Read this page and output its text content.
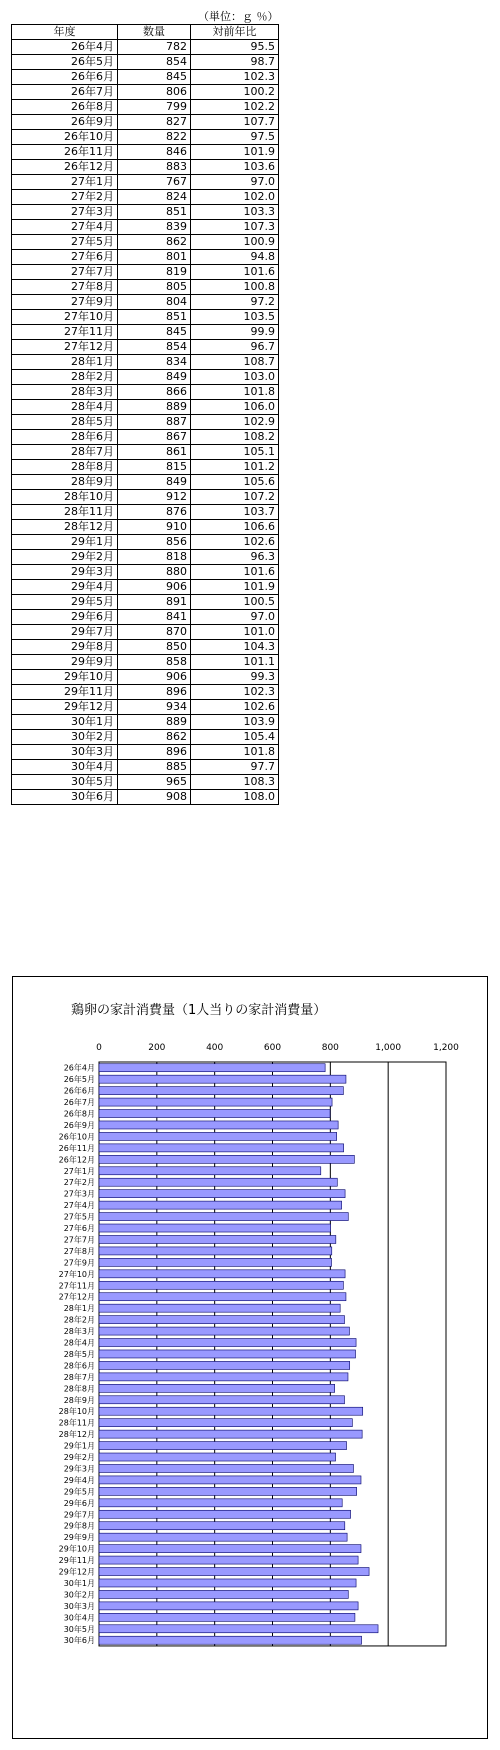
（単位：ｇ ％）
年度	数量	対前年比
26年4月	782	95.5
26年5月	854	98.7
26年6月	845	102.3
26年7月	806	100.2
26年8月	799	102.2
26年9月	827	107.7
26年10月	822	97.5
26年11月	846	101.9
26年12月	883	103.6
27年1月	767	97.0
27年2月	824	102.0
27年3月	851	103.3
27年4月	839	107.3
27年5月	862	100.9
27年6月	801	94.8
27年7月	819	101.6
27年8月	805	100.8
27年9月	804	97.2
27年10月	851	103.5
27年11月	845	99.9
27年12月	854	96.7
28年1月	834	108.7
28年2月	849	103.0
28年3月	866	101.8
28年4月	889	106.0
28年5月	887	102.9
28年6月	867	108.2
28年7月	861	105.1
28年8月	815	101.2
28年9月	849	105.6
28年10月	912	107.2
28年11月	876	103.7
28年12月	910	106.6
29年1月	856	102.6
29年2月	818	96.3
29年3月	880	101.6
29年4月	906	101.9
29年5月	891	100.5
29年6月	841	97.0
29年7月	870	101.0
29年8月	850	104.3
29年9月	858	101.1
29年10月	906	99.3
29年11月	896	102.3
29年12月	934	102.6
30年1月	889	103.9
30年2月	862	105.4
30年3月	896	101.8
30年4月	885	97.7
30年5月	965	108.3
30年6月	908	108.0
0	200	400	600	800	1,000	1,200
26年4月
26年5月
26年6月
26年7月
26年8月
26年9月
26年10月
26年11月
26年12月
27年1月
27年2月
27年3月
27年4月
27年5月
27年6月
27年7月
27年8月
27年9月
27年10月
27年11月
27年12月
28年1月
28年2月
28年3月
28年4月
28年5月
28年6月
28年7月
28年8月
28年9月
28年10月
28年11月
28年12月
29年1月
29年2月
29年3月
29年4月
29年5月
29年6月
29年7月
29年8月
29年9月
29年10月
29年11月
29年12月
30年1月
30年2月
30年3月
30年4月
30年5月
30年6月
鶏卵の家計消費量（1人当りの家計消費量）
